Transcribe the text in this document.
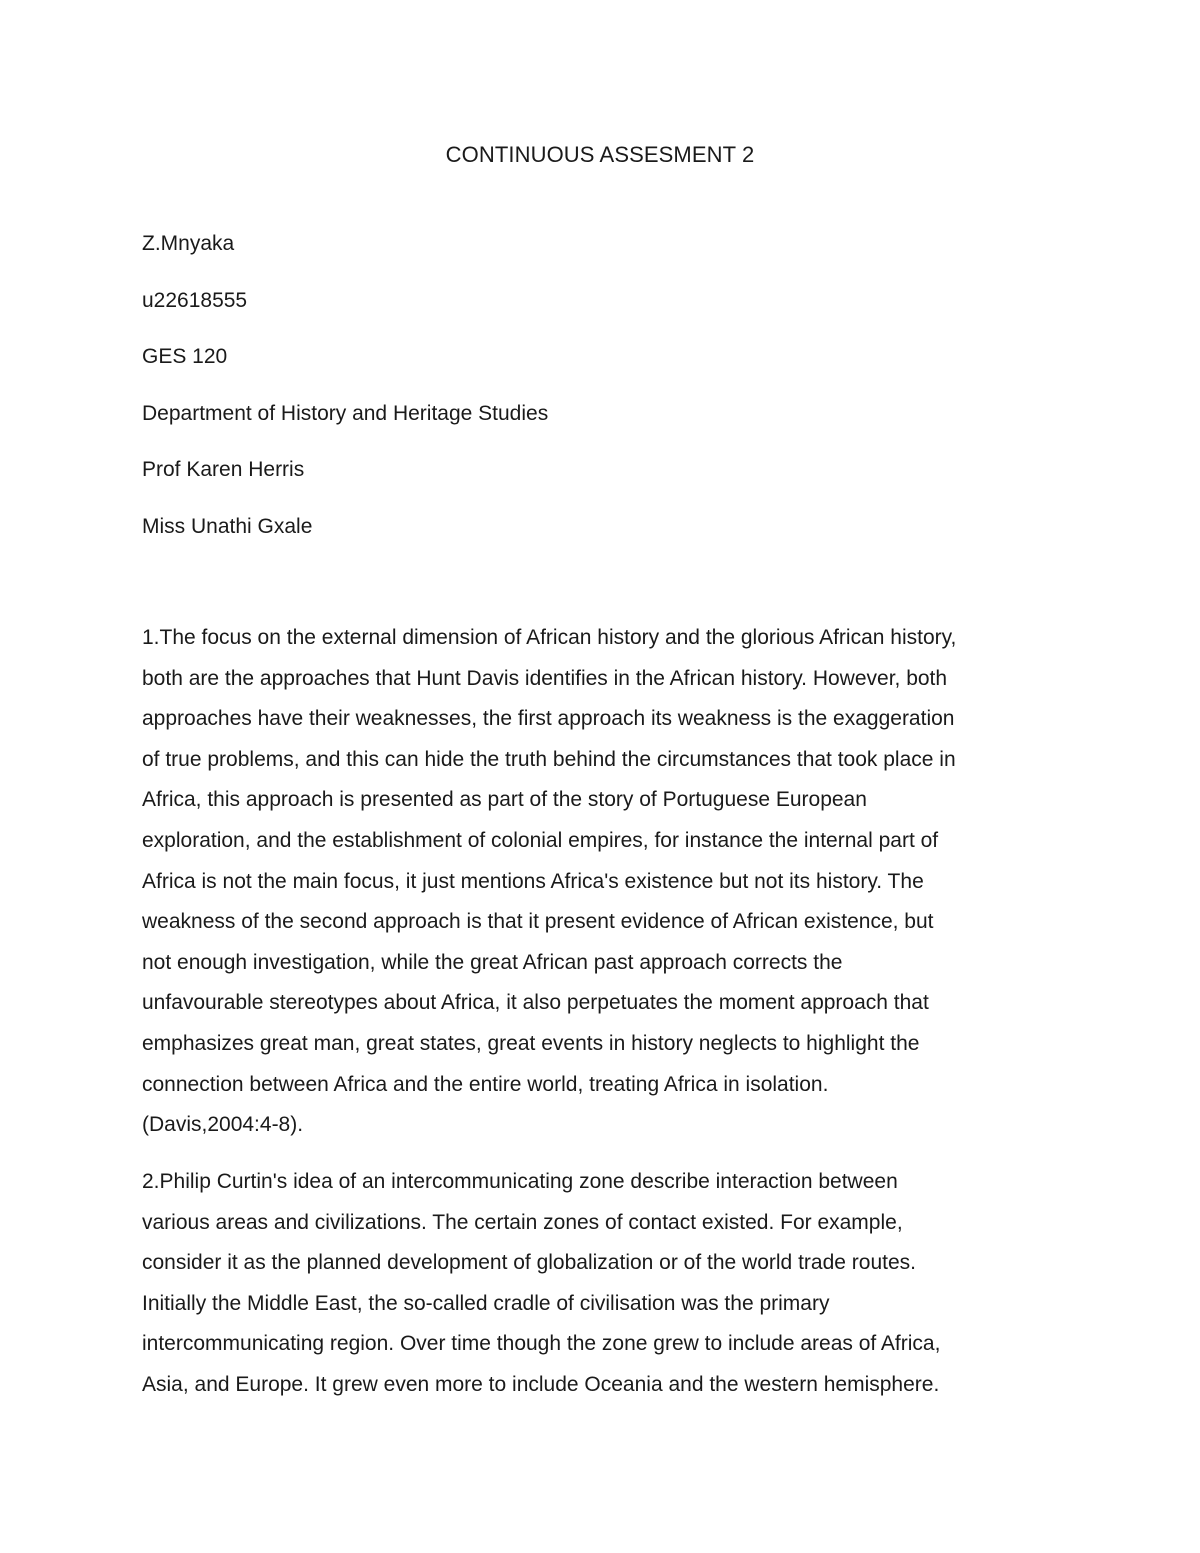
CONTINUOUS ASSESMENT 2
Z.Mnyaka
u22618555
GES 120
Department of History and Heritage Studies
Prof Karen Herris
Miss Unathi Gxale
1.The focus on the external dimension of African history and the glorious African history,
both are the approaches that Hunt Davis identifies in the African history. However, both
approaches have their weaknesses, the first approach its weakness is the exaggeration
of true problems, and this can hide the truth behind the circumstances that took place in
Africa, this approach is presented as part of the story of Portuguese European
exploration, and the establishment of colonial empires, for instance the internal part of
Africa is not the main focus, it just mentions Africa's existence but not its history. The
weakness of the second approach is that it present evidence of African existence, but
not enough investigation, while the great African past approach corrects the
unfavourable stereotypes about Africa, it also perpetuates the moment approach that
emphasizes great man, great states, great events in history neglects to highlight the
connection between Africa and the entire world, treating Africa in isolation.
(Davis,2004:4-8).
2.Philip Curtin's idea of an intercommunicating zone describe interaction between
various areas and civilizations. The certain zones of contact existed. For example,
consider it as the planned development of globalization or of the world trade routes.
Initially the Middle East, the so-called cradle of civilisation was the primary
intercommunicating region. Over time though the zone grew to include areas of Africa,
Asia, and Europe. It grew even more to include Oceania and the western hemisphere.
